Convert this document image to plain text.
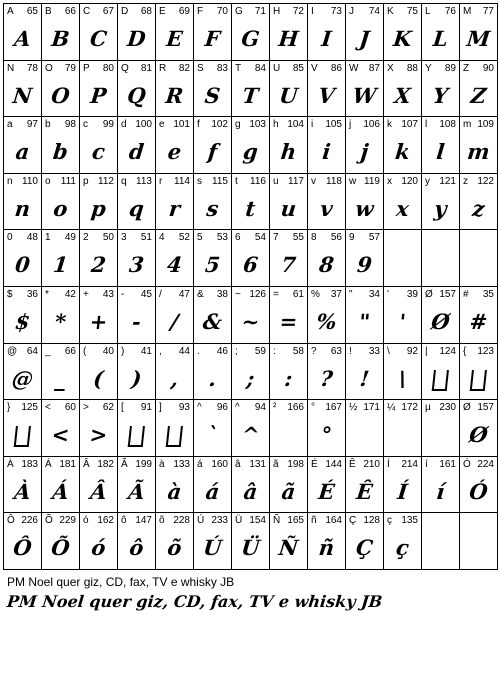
A 65
A
B 66
B
C 67
C
D 68
D
E 69
E
F 70
F
G 71
G
H 72
H
I 73
I
J 74
J
K 75
K
L 76
L
M 77
M
N 78
N
O 79
O
P 80
P
Q 81
Q
R 82
R
S 83
S
T 84
T
U 85
U
V 86
V
W 87
W
X 88
X
Y 89
Y
Z 90
Z
a 97
a
b 98
b
c 99
c
d 100
d
e 101
e
f 102
f
g 103
g
h 104
h
i 105
i
j 106
j
k 107
k
l 108
l
m 109
m
n 110
n
o 111
o
p 112
p
q 113
q
r 114
r
s 115
s
t 116
t
u 117
u
v 118
v
w 119
w
x 120
x
y 121
y
z 122
z
0 48
0
1 49
1
2 50
2
3 51
3
4 52
4
5 53
5
6 54
6
7 55
7
8 56
8
9 57
9
$ 36
$
* 42
*
+ 43
+
- 45
-
/ 47
/
& 38
&
~ 126
~
= 61
=
% 37
%
" 34
"
' 39
'
Ø 157
Ø
# 35
#
@ 64
@
_ 66
_
( 40
(
) 41
)
, 44
,
. 46
.
; 59
;
: 58
:
? 63
?
! 33
!
\ 92
\
| 124 { 123
} 125 < 60
<
> 62
>
[ 91 ] 93 ^ 96
`
^ 94
^
² 166 ° 167
°
½ 171 ¼ 172 µ 230 Ø 157
Ø
À 183
À
Á 181
Á
Â 182
Â
Ã 199
Ã
à 133
à
á 160
á
â 131
â
ã 198
ã
É 144
É
Ê 210
Ê
Í 214
Í
í 161
í
Ó 224
Ó
Ô 226
Ô
Õ 229
Õ
ó 162
ó
ô 147
ô
õ 228
õ
Ú 233
Ú
Ü 154
Ü
Ñ 165
Ñ
ñ 164
ñ
Ç 128
Ç
ç 135
ç
PM Noel quer giz, CD, fax, TV e whisky JB
PM Noel quer giz, CD, fax, TV e whisky JB
